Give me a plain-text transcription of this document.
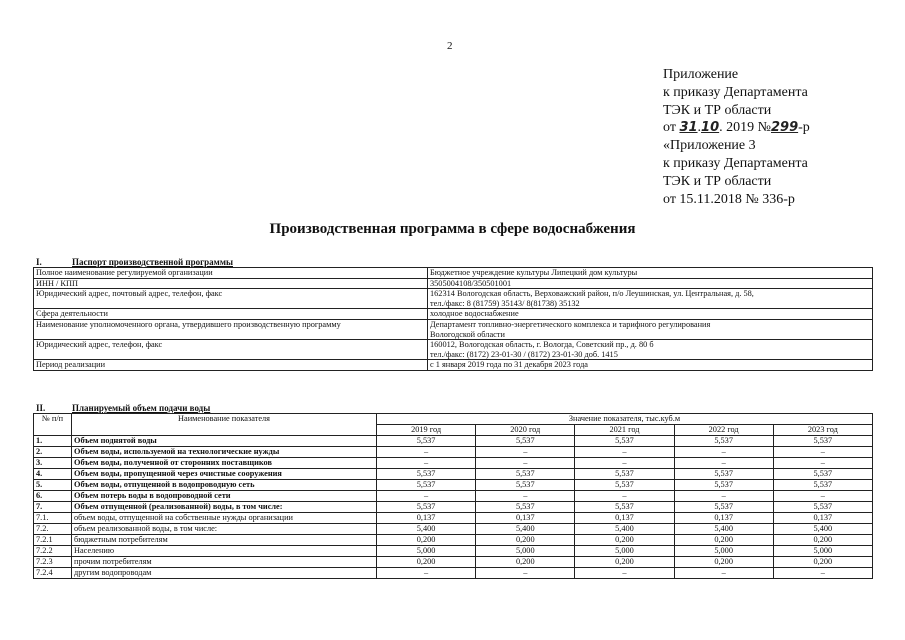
2
Приложение
к приказу Департамента
ТЭК и ТР области
от 31.10. 2019 №299-р
«Приложение 3
к приказу Департамента
ТЭК и ТР области
от 15.11.2018 № 336-р
Производственная программа в сфере водоснабжения
I.	Паспорт производственной программы
Полное наименование регулируемой организации	Бюджетное учреждение культуры Липецкий дом культуры

ИНН / КПП	3505004108/350501001

Юридический адрес, почтовый адрес, телефон, факс	162314 Вологодская область, Верховажский район, п/о Леушинская, ул. Центральная, д. 58,
тел./факс: 8 (81759) 35143/ 8(81738) 35132

Сфера деятельности	холодное водоснабжение

Наименование уполномоченного органа, утвердившего производственную программу	Департамент топливно-энергетического комплекса и тарифного регулирования
Вологодской области

Юридический адрес, телефон, факс	160012, Вологодская область, г. Вологда, Советский пр., д. 80 б
тел./факс: (8172) 23-01-30 / (8172) 23-01-30 доб. 1415

Период реализации	с 1 января 2019 года по 31 декабря 2023 года
II.	Планируемый объем подачи воды
№ п/п	Наименование показателя	Значение показателя, тыс.куб.м				
		2019 год	2020 год	2021 год	2022 год	2023 год
1.	Объем поднятой воды	5,537	5,537	5,537	5,537	5,537
2.	Объем воды, используемой на технологические нужды	–	–	–	–	–
3.	Объем воды, полученной от сторонних поставщиков	–	–	–	–	–
4.	Объем воды, пропущенной через очистные сооружения	5,537	5,537	5,537	5,537	5,537
5.	Объем воды, отпущенной в водопроводную сеть	5,537	5,537	5,537	5,537	5,537
6.	Объем потерь воды в водопроводной сети	–	–	–	–	–
7.	Объем отпущенной (реализованной) воды, в том числе:	5,537	5,537	5,537	5,537	5,537
7.1.	объем воды, отпущенной на собственные нужды организации	0,137	0,137	0,137	0,137	0,137
7.2.	объем реализованной воды, в том числе:	5,400	5,400	5,400	5,400	5,400
7.2.1	бюджетным потребителям	0,200	0,200	0,200	0,200	0,200
7.2.2	Населению	5,000	5,000	5,000	5,000	5,000
7.2.3	прочим потребителям	0,200	0,200	0,200	0,200	0,200
7.2.4	другим водопроводам	–	–	–	–	–
